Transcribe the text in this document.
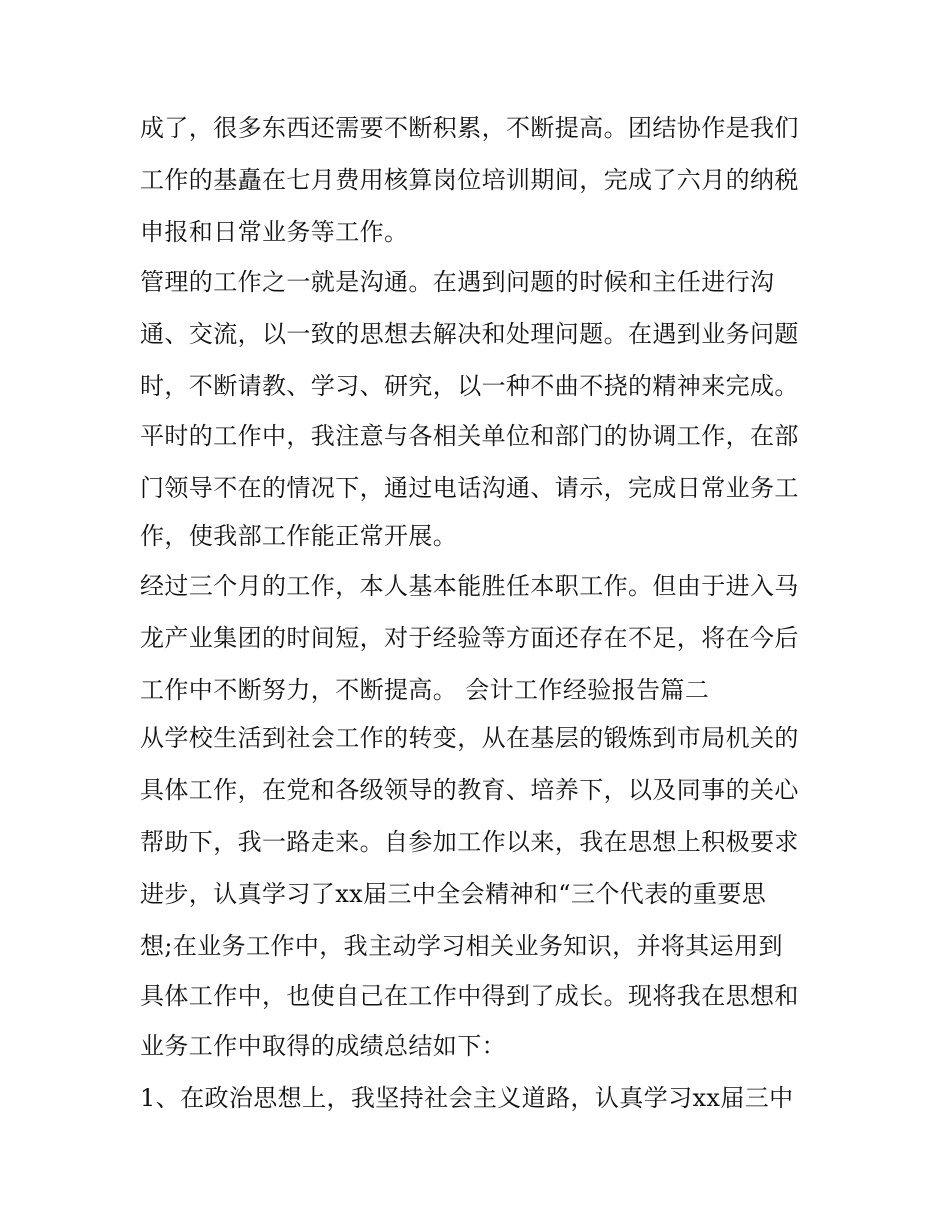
成了，很多东西还需要不断积累，不断提高。团结协作是我们
工作的基矗在七月费用核算岗位培训期间，完成了六月的纳税
申报和日常业务等工作。
管理的工作之一就是沟通。在遇到问题的时候和主任进行沟
通、交流，以一致的思想去解决和处理问题。在遇到业务问题
时，不断请教、学习、研究，以一种不曲不挠的精神来完成。
平时的工作中，我注意与各相关单位和部门的协调工作，在部
门领导不在的情况下，通过电话沟通、请示，完成日常业务工
作，使我部工作能正常开展。
经过三个月的工作，本人基本能胜任本职工作。但由于进入马
龙产业集团的时间短，对于经验等方面还存在不足，将在今后
工作中不断努力，不断提高。 会计工作经验报告篇二
从学校生活到社会工作的转变，从在基层的锻炼到市局机关的
具体工作，在党和各级领导的教育、培养下，以及同事的关心
帮助下，我一路走来。自参加工作以来，我在思想上积极要求
进步，认真学习了xx届三中全会精神和“三个代表的重要思
想;在业务工作中，我主动学习相关业务知识，并将其运用到
具体工作中，也使自己在工作中得到了成长。现将我在思想和
业务工作中取得的成绩总结如下：
1、在政治思想上，我坚持社会主义道路，认真学习xx届三中
